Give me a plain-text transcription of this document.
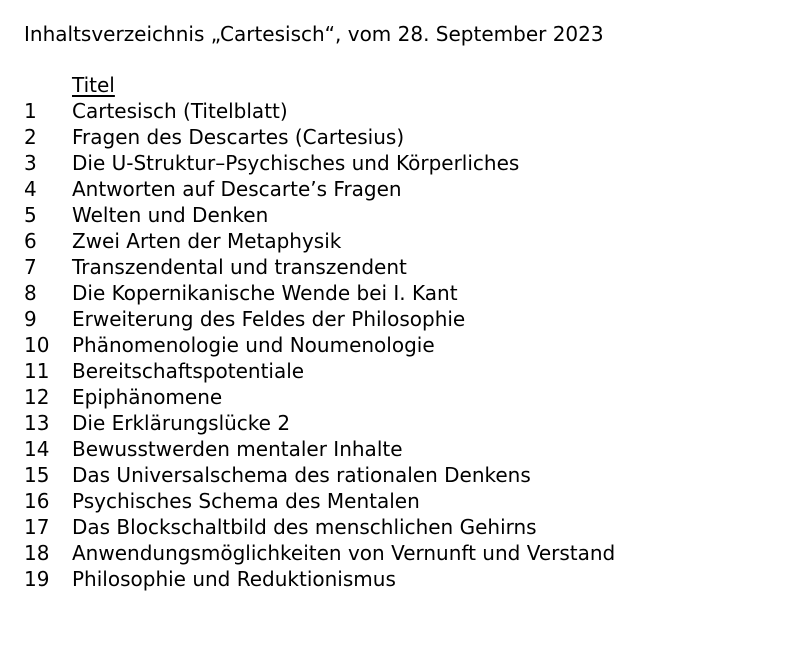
Inhaltsverzeichnis „Cartesisch“, vom 28. September 2023
Titel
1	Cartesisch (Titelblatt)
2	Fragen des Descartes (Cartesius)
3	Die U-Struktur–Psychisches und Körperliches
4	Antworten auf Descarte’s Fragen
5	Welten und Denken
6	Zwei Arten der Metaphysik
7	Transzendental und transzendent
8	Die Kopernikanische Wende bei I. Kant
9	Erweiterung des Feldes der Philosophie
10	Phänomenologie und Noumenologie
11	Bereitschaftspotentiale
12	Epiphänomene
13	Die Erklärungslücke 2
14	Bewusstwerden mentaler Inhalte
15	Das Universalschema des rationalen Denkens
16	Psychisches Schema des Mentalen
17	Das Blockschaltbild des menschlichen Gehirns
18	Anwendungsmöglichkeiten von Vernunft und Verstand
19	Philosophie und Reduktionismus
